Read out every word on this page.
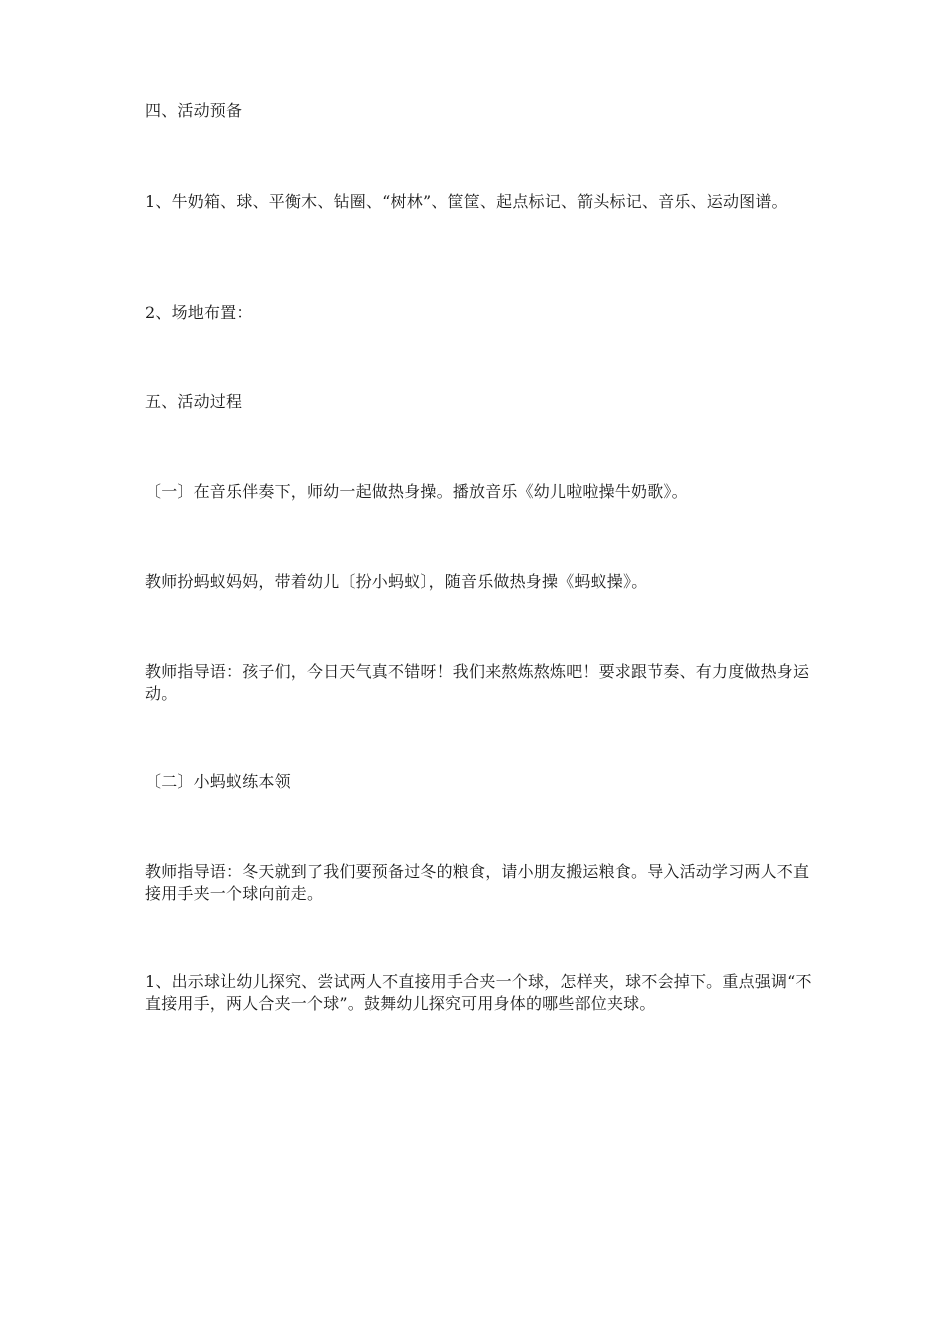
四、活动预备

1、牛奶箱、球、平衡木、钻圈、“树林”、筐筐、起点标记、箭头标记、音乐、运动图谱。

2、场地布置：

五、活动过程

〔一〕在音乐伴奏下，师幼一起做热身操。播放音乐《幼儿啦啦操牛奶歌》。

教师扮蚂蚁妈妈，带着幼儿〔扮小蚂蚁〕，随音乐做热身操《蚂蚁操》。

教师指导语：孩子们，今日天气真不错呀！我们来熬炼熬炼吧！要求跟节奏、有力度做热身运动。

〔二〕小蚂蚁练本领

教师指导语：冬天就到了我们要预备过冬的粮食，请小朋友搬运粮食。导入活动学习两人不直接用手夹一个球向前走。

1、出示球让幼儿探究、尝试两人不直接用手合夹一个球，怎样夹，球不会掉下。重点强调“不直接用手，两人合夹一个球”。鼓舞幼儿探究可用身体的哪些部位夹球。
